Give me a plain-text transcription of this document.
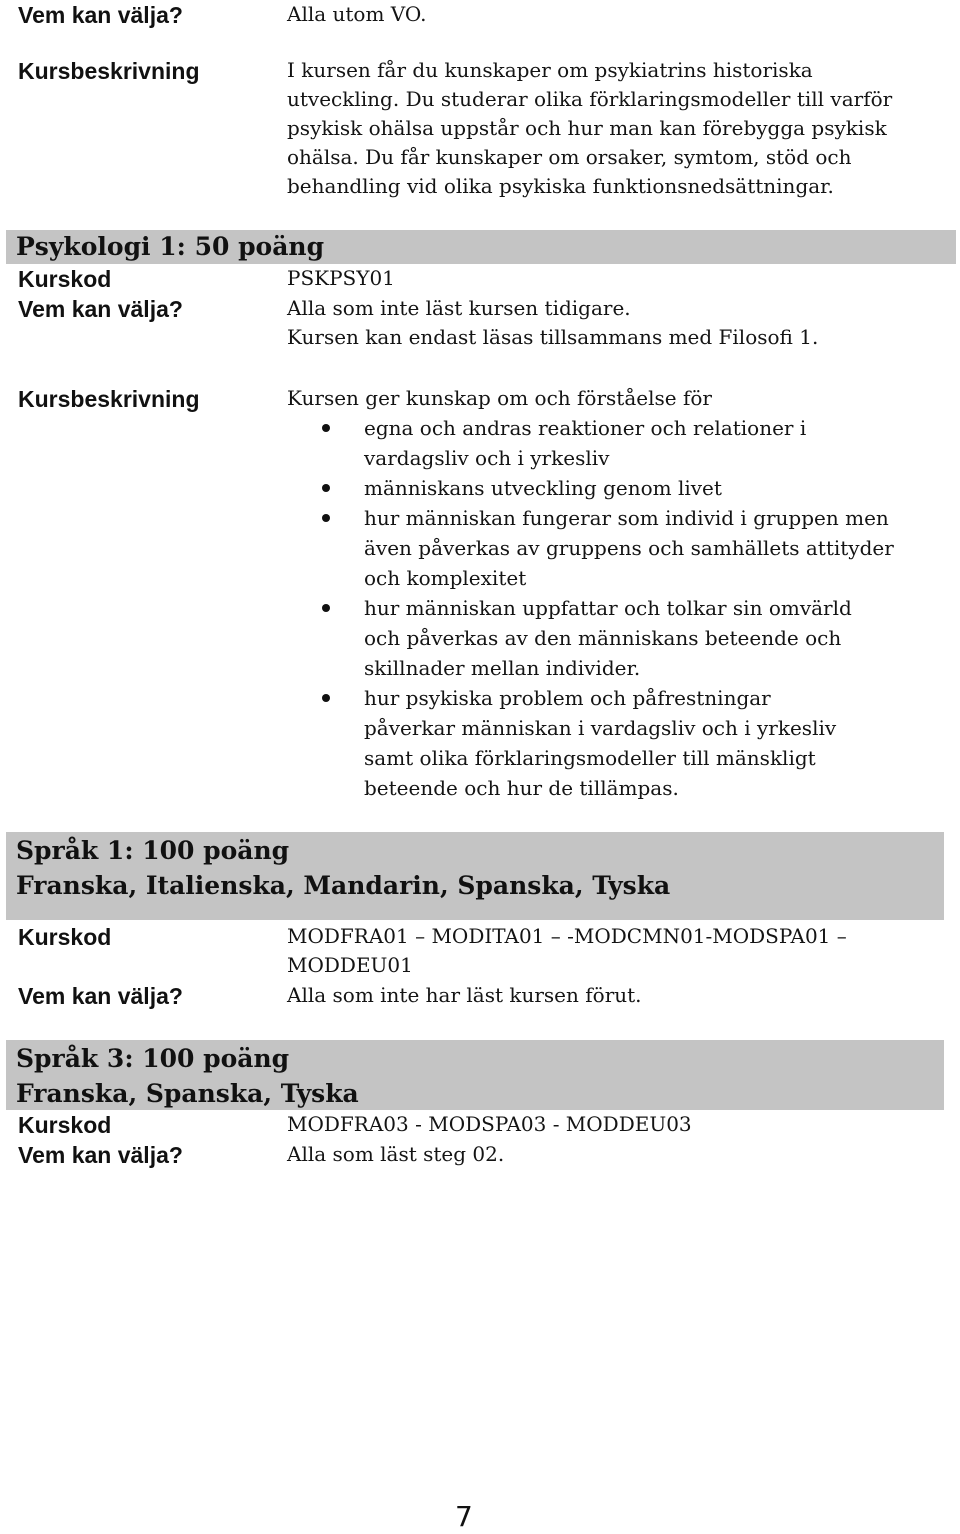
Vem kan välja?	Alla utom VO.
Kursbeskrivning	I kursen får du kunskaper om psykiatrins historiska
utveckling. Du studerar olika förklaringsmodeller till varför
psykisk ohälsa uppstår och hur man kan förebygga psykisk
ohälsa. Du får kunskaper om orsaker, symtom, stöd och
behandling vid olika psykiska funktionsnedsättningar.
Psykologi 1: 50 poäng
Kurskod	PSKPSY01
Vem kan välja?	Alla som inte läst kursen tidigare.
Kursen kan endast läsas tillsammans med Filosofi 1.
Kursbeskrivning	Kursen ger kunskap om och förståelse för
egna och andras reaktioner och relationer i
vardagsliv och i yrkesliv
människans utveckling genom livet
hur människan fungerar som individ i gruppen men
även påverkas av gruppens och samhällets attityder
och komplexitet
hur människan uppfattar och tolkar sin omvärld
och påverkas av den människans beteende och
skillnader mellan individer.
hur psykiska problem och påfrestningar
påverkar människan i vardagsliv och i yrkesliv
samt olika förklaringsmodeller till mänskligt
beteende och hur de tillämpas.
Språk 1: 100 poäng
Franska, Italienska, Mandarin, Spanska, Tyska
Kurskod	MODFRA01 – MODITA01 – -MODCMN01-MODSPA01 –
MODDEU01
Vem kan välja?	Alla som inte har läst kursen förut.
Språk 3: 100 poäng
Franska, Spanska, Tyska
Kurskod	MODFRA03 - MODSPA03 - MODDEU03
Vem kan välja?	Alla som läst steg 02.
7
